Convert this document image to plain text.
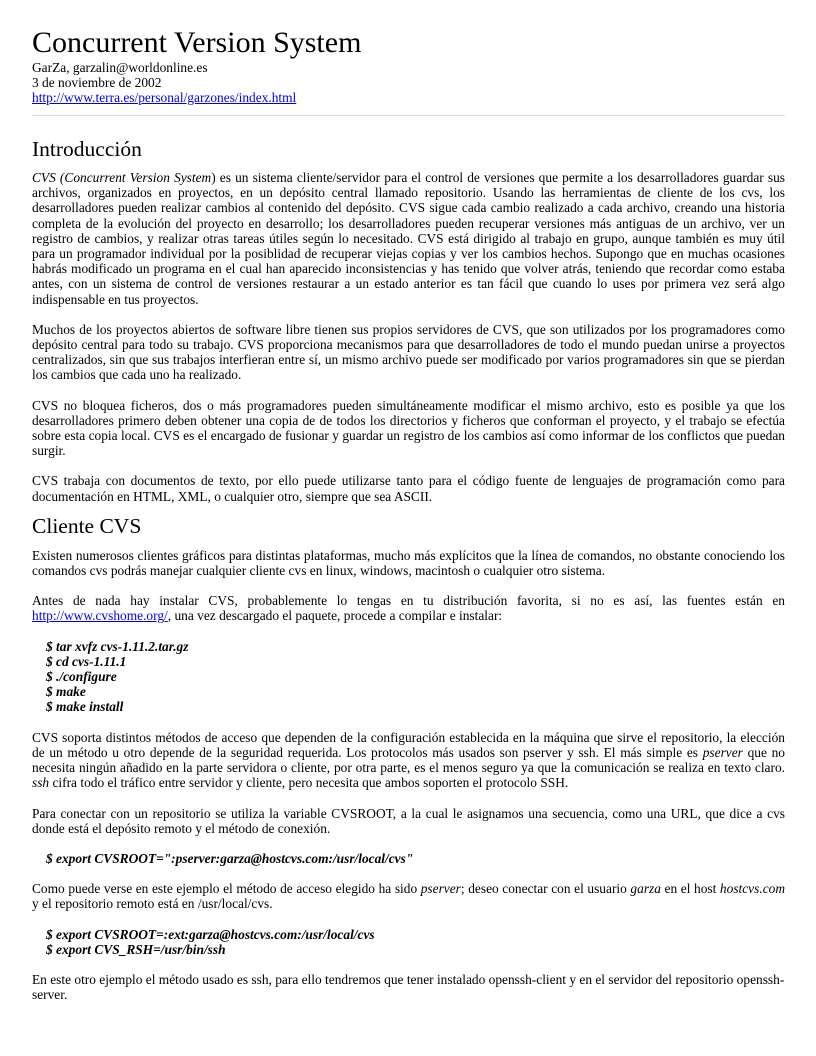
Concurrent Version System
GarZa, garzalin@worldonline.es
3 de noviembre de 2002
http://www.terra.es/personal/garzones/index.html
Introducción

CVS (Concurrent Version System) es un sistema cliente/servidor para el control de versiones que permite a los desarrolladores guardar sus archivos, organizados en proyectos, en un depósito central llamado repositorio. Usando las herramientas de cliente de los cvs, los desarrolladores pueden realizar cambios al contenido del depósito. CVS sigue cada cambio realizado a cada archivo, creando una historia completa de la evolución del proyecto en desarrollo; los desarrolladores pueden recuperar versiones más antiguas de un archivo, ver un registro de cambios, y realizar otras tareas útiles según lo necesitado. CVS está dirigido al trabajo en grupo, aunque también es muy útil para un programador individual por la posiblidad de recuperar viejas copias y ver los cambios hechos. Supongo que en muchas ocasiones habrás modificado un programa en el cual han aparecido inconsistencias y has tenido que volver atrás, teniendo que recordar como estaba antes, con un sistema de control de versiones restaurar a un estado anterior es tan fácil que cuando lo uses por primera vez será algo indispensable en tus proyectos.

Muchos de los proyectos abiertos de software libre tienen sus propios servidores de CVS, que son utilizados por los programadores como depósito central para todo su trabajo. CVS proporciona mecanismos para que desarrolladores de todo el mundo puedan unirse a proyectos centralizados, sin que sus trabajos interfieran entre sí, un mismo archivo puede ser modificado por varios programadores sin que se pierdan los cambios que cada uno ha realizado.

CVS no bloquea ficheros, dos o más programadores pueden simultáneamente modificar el mismo archivo, esto es posible ya que los desarrolladores primero deben obtener una copia de de todos los directorios y ficheros que conforman el proyecto, y el trabajo se efectúa sobre esta copia local. CVS es el encargado de fusionar y guardar un registro de los cambios así como informar de los conflictos que puedan surgir.

CVS trabaja con documentos de texto, por ello puede utilizarse tanto para el código fuente de lenguajes de programación como para documentación en HTML, XML, o cualquier otro, siempre que sea ASCII.

Cliente CVS

Existen numerosos clientes gráficos para distintas plataformas, mucho más explícitos que la línea de comandos, no obstante conociendo los comandos cvs podrás manejar cualquier cliente cvs en linux, windows, macintosh o cualquier otro sistema.

Antes de nada hay instalar CVS, probablemente lo tengas en tu distribución favorita, si no es así, las fuentes están en http://www.cvshome.org/, una vez descargado el paquete, procede a compilar e instalar:

$ tar xvfz cvs-1.11.2.tar.gz
$ cd cvs-1.11.1
$ ./configure
$ make
$ make install

CVS soporta distintos métodos de acceso que dependen de la configuración establecida en la máquina que sirve el repositorio, la elección de un método u otro depende de la seguridad requerida. Los protocolos más usados son pserver y ssh. El más simple es pserver que no necesita ningún añadido en la parte servidora o cliente, por otra parte, es el menos seguro ya que la comunicación se realiza en texto claro. ssh cifra todo el tráfico entre servidor y cliente, pero necesita que ambos soporten el protocolo SSH.

Para conectar con un repositorio se utiliza la variable CVSROOT, a la cual le asignamos una secuencia, como una URL, que dice a cvs donde está el depósito remoto y el método de conexión.

$ export CVSROOT=":pserver:garza@hostcvs.com:/usr/local/cvs"

Como puede verse en este ejemplo el método de acceso elegido ha sido pserver; deseo conectar con el usuario garza en el host hostcvs.com y el repositorio remoto está en /usr/local/cvs.

$ export CVSROOT=:ext:garza@hostcvs.com:/usr/local/cvs
$ export CVS_RSH=/usr/bin/ssh

En este otro ejemplo el método usado es ssh, para ello tendremos que tener instalado openssh-client y en el servidor del repositorio openssh-server.
